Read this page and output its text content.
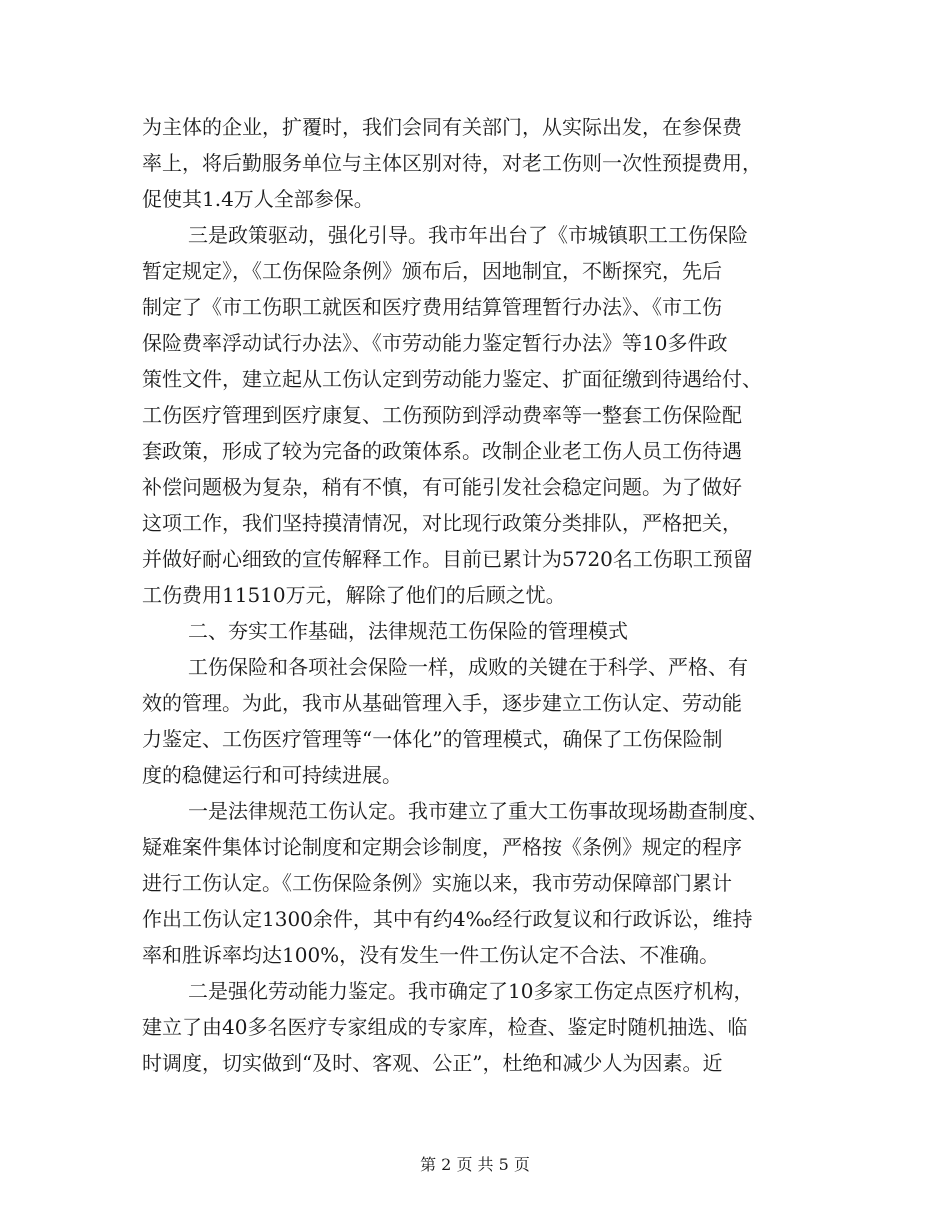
为主体的企业，扩覆时，我们会同有关部门，从实际出发，在参保费
率上，将后勤服务单位与主体区别对待，对老工伤则一次性预提费用，
促使其1.4万人全部参保。
三是政策驱动，强化引导。我市年出台了《市城镇职工工伤保险
暂定规定》，《工伤保险条例》颁布后，因地制宜，不断探究，先后
制定了《市工伤职工就医和医疗费用结算管理暂行办法》、《市工伤
保险费率浮动试行办法》、《市劳动能力鉴定暂行办法》等10多件政
策性文件，建立起从工伤认定到劳动能力鉴定、扩面征缴到待遇给付、
工伤医疗管理到医疗康复、工伤预防到浮动费率等一整套工伤保险配
套政策，形成了较为完备的政策体系。改制企业老工伤人员工伤待遇
补偿问题极为复杂，稍有不慎，有可能引发社会稳定问题。为了做好
这项工作，我们坚持摸清情况，对比现行政策分类排队，严格把关，
并做好耐心细致的宣传解释工作。目前已累计为5720名工伤职工预留
工伤费用11510万元，解除了他们的后顾之忧。
二、夯实工作基础，法律规范工伤保险的管理模式
工伤保险和各项社会保险一样，成败的关键在于科学、严格、有
效的管理。为此，我市从基础管理入手，逐步建立工伤认定、劳动能
力鉴定、工伤医疗管理等“一体化”的管理模式，确保了工伤保险制
度的稳健运行和可持续进展。
一是法律规范工伤认定。我市建立了重大工伤事故现场勘查制度、
疑难案件集体讨论制度和定期会诊制度，严格按《条例》规定的程序
进行工伤认定。《工伤保险条例》实施以来，我市劳动保障部门累计
作出工伤认定1300余件，其中有约4‰经行政复议和行政诉讼，维持
率和胜诉率均达100%，没有发生一件工伤认定不合法、不准确。
二是强化劳动能力鉴定。我市确定了10多家工伤定点医疗机构，
建立了由40多名医疗专家组成的专家库，检查、鉴定时随机抽选、临
时调度，切实做到“及时、客观、公正”，杜绝和减少人为因素。近
第 2 页 共 5 页
